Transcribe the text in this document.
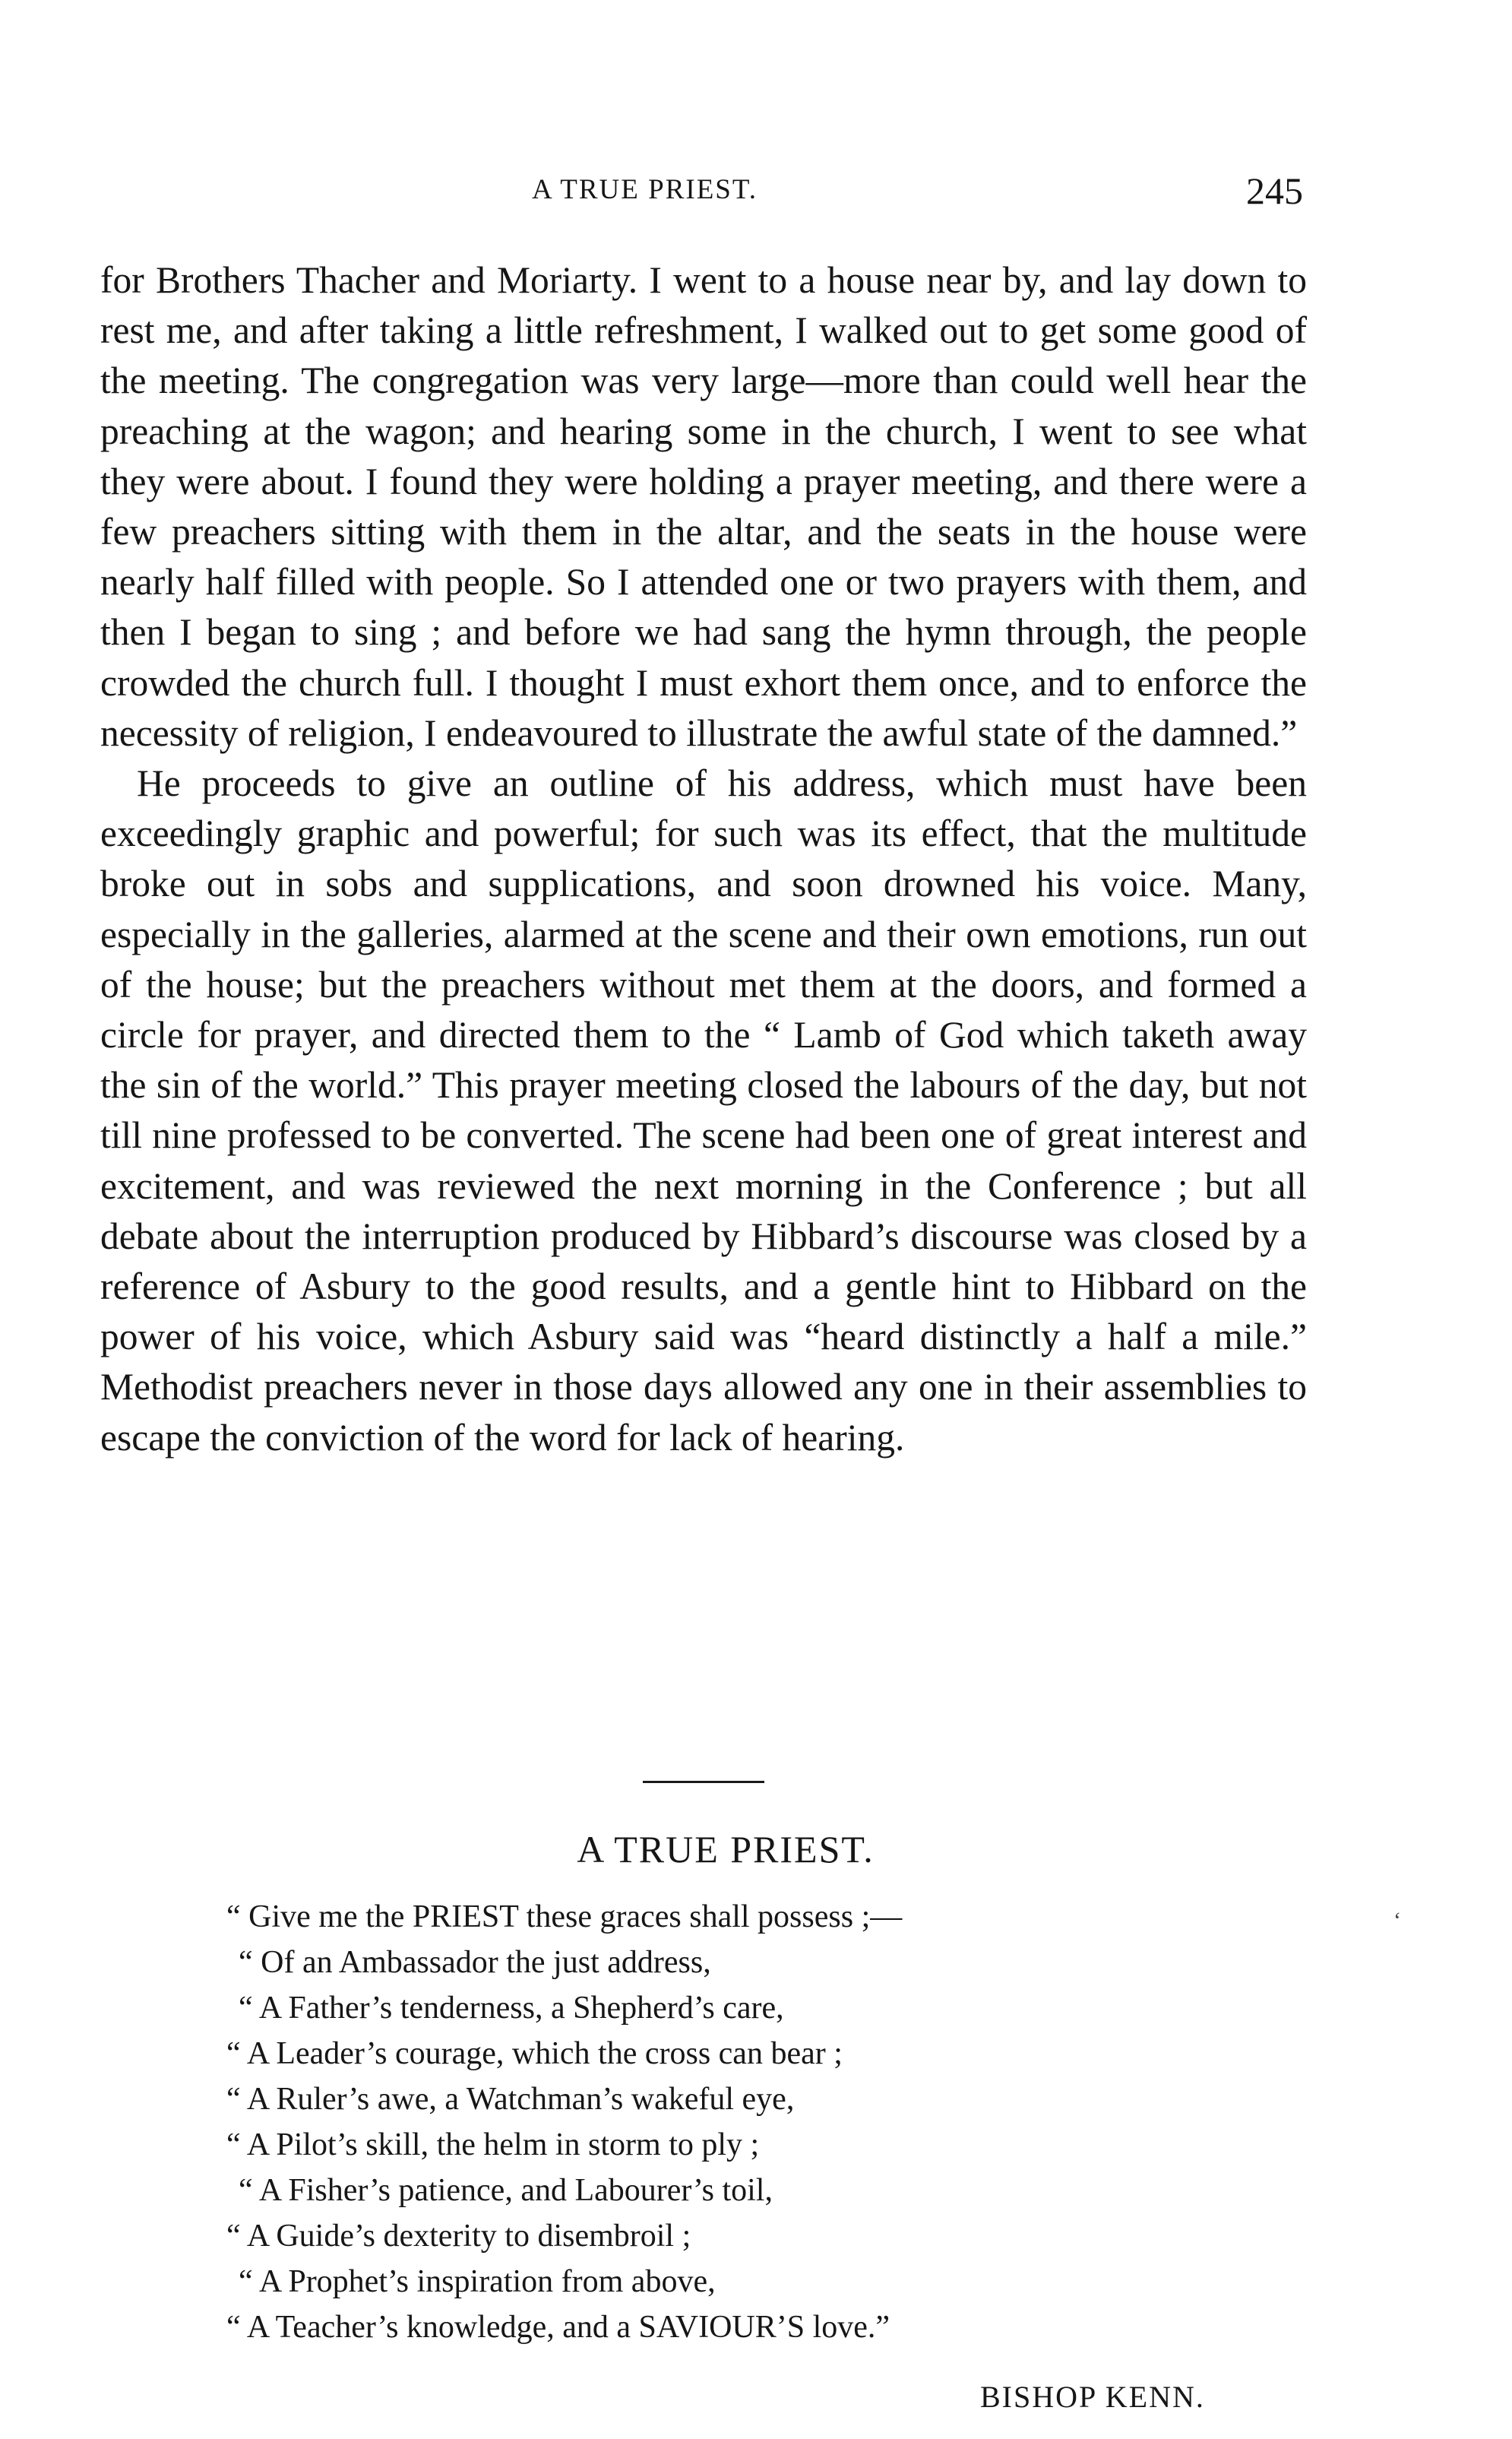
A TRUE PRIEST.	245

for Brothers Thacher and Moriarty. I went to a house near by, and lay down to rest me, and after taking a little refreshment, I walked out to get some good of the meeting. The congregation was very large—more than could well hear the preaching at the wagon; and hearing some in the church, I went to see what they were about. I found they were holding a prayer meeting, and there were a few preachers sitting with them in the altar, and the seats in the house were nearly half filled with people. So I attended one or two prayers with them, and then I began to sing ; and before we had sang the hymn through, the people crowded the church full. I thought I must exhort them once, and to enforce the necessity of religion, I endeavoured to illustrate the awful state of the damned.”

He proceeds to give an outline of his address, which must have been exceedingly graphic and powerful; for such was its effect, that the multitude broke out in sobs and supplications, and soon drowned his voice. Many, especially in the galleries, alarmed at the scene and their own emotions, run out of the house; but the preachers without met them at the doors, and formed a circle for prayer, and directed them to the “ Lamb of God which taketh away the sin of the world.” This prayer meeting closed the labours of the day, but not till nine professed to be converted. The scene had been one of great interest and excitement, and was reviewed the next morning in the Conference ; but all debate about the interruption produced by Hibbard’s discourse was closed by a reference of Asbury to the good results, and a gentle hint to Hibbard on the power of his voice, which Asbury said was “heard distinctly a half a mile.” Methodist preachers never in those days allowed any one in their assemblies to escape the conviction of the word for lack of hearing.

A TRUE PRIEST.
“ Give me the PRIEST these graces shall possess ;—
“ Of an Ambassador the just address,
“ A Father’s tenderness, a Shepherd’s care,
“ A Leader’s courage, which the cross can bear ;
“ A Ruler’s awe, a Watchman’s wakeful eye,
“ A Pilot’s skill, the helm in storm to ply ;
“ A Fisher’s patience, and Labourer’s toil,
“ A Guide’s dexterity to disembroil ;
“ A Prophet’s inspiration from above,
“ A Teacher’s knowledge, and a SAVIOUR’S love.”
‘
BISHOP KENN.
